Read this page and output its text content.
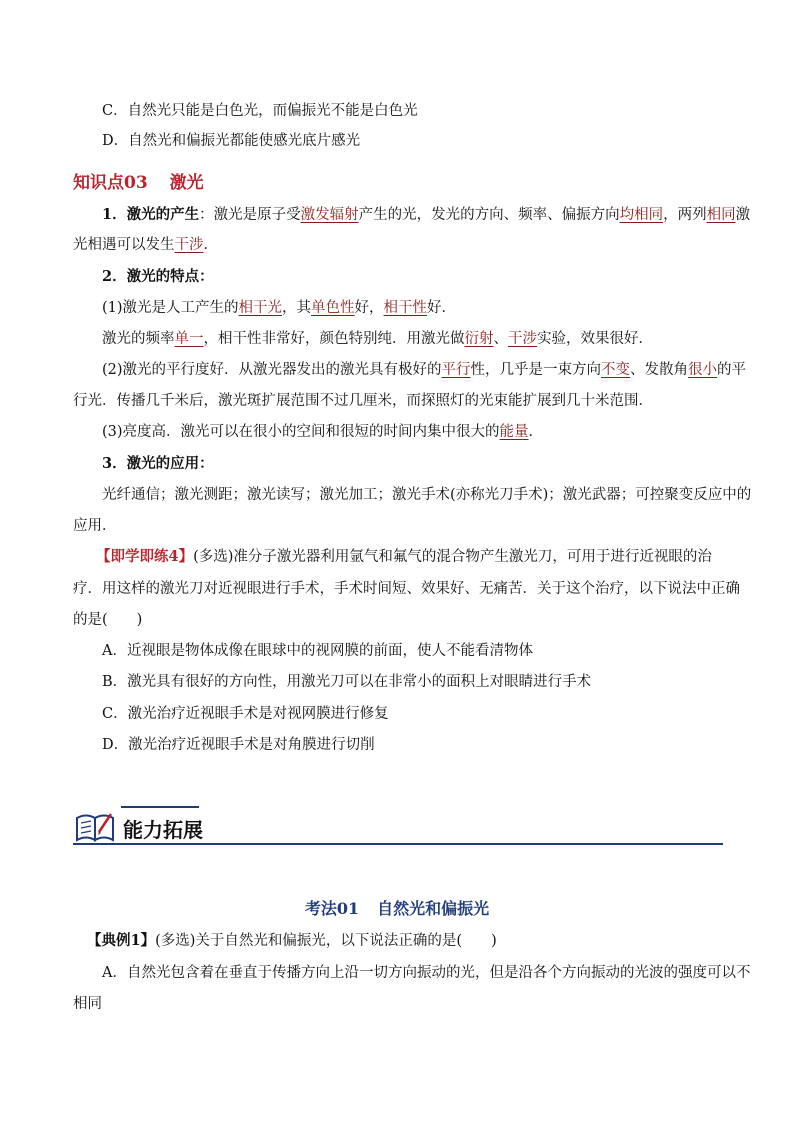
C．自然光只能是白色光，而偏振光不能是白色光
D．自然光和偏振光都能使感光底片感光
知识点03 激光
1．激光的产生：激光是原子受激发辐射产生的光，发光的方向、频率、偏振方向均相同，两列相同激
光相遇可以发生干涉．
2．激光的特点：
(1)激光是人工产生的相干光，其单色性好，相干性好．
激光的频率单一，相干性非常好，颜色特别纯．用激光做衍射、干涉实验，效果很好．
(2)激光的平行度好．从激光器发出的激光具有极好的平行性，几乎是一束方向不变、发散角很小的平
行光．传播几千米后，激光斑扩展范围不过几厘米，而探照灯的光束能扩展到几十米范围．
(3)亮度高．激光可以在很小的空间和很短的时间内集中很大的能量．
3．激光的应用：
光纤通信；激光测距；激光读写；激光加工；激光手术(亦称光刀手术)；激光武器；可控聚变反应中的
应用．
【即学即练4】(多选)准分子激光器利用氩气和氟气的混合物产生激光刀，可用于进行近视眼的治
疗．用这样的激光刀对近视眼进行手术，手术时间短、效果好、无痛苦．关于这个治疗，以下说法中正确
的是(　　)
A．近视眼是物体成像在眼球中的视网膜的前面，使人不能看清物体
B．激光具有很好的方向性，用激光刀可以在非常小的面积上对眼睛进行手术
C．激光治疗近视眼手术是对视网膜进行修复
D．激光治疗近视眼手术是对角膜进行切削
能力拓展
考法01 自然光和偏振光
【典例1】(多选)关于自然光和偏振光，以下说法正确的是(　　)
A．自然光包含着在垂直于传播方向上沿一切方向振动的光，但是沿各个方向振动的光波的强度可以不
相同
